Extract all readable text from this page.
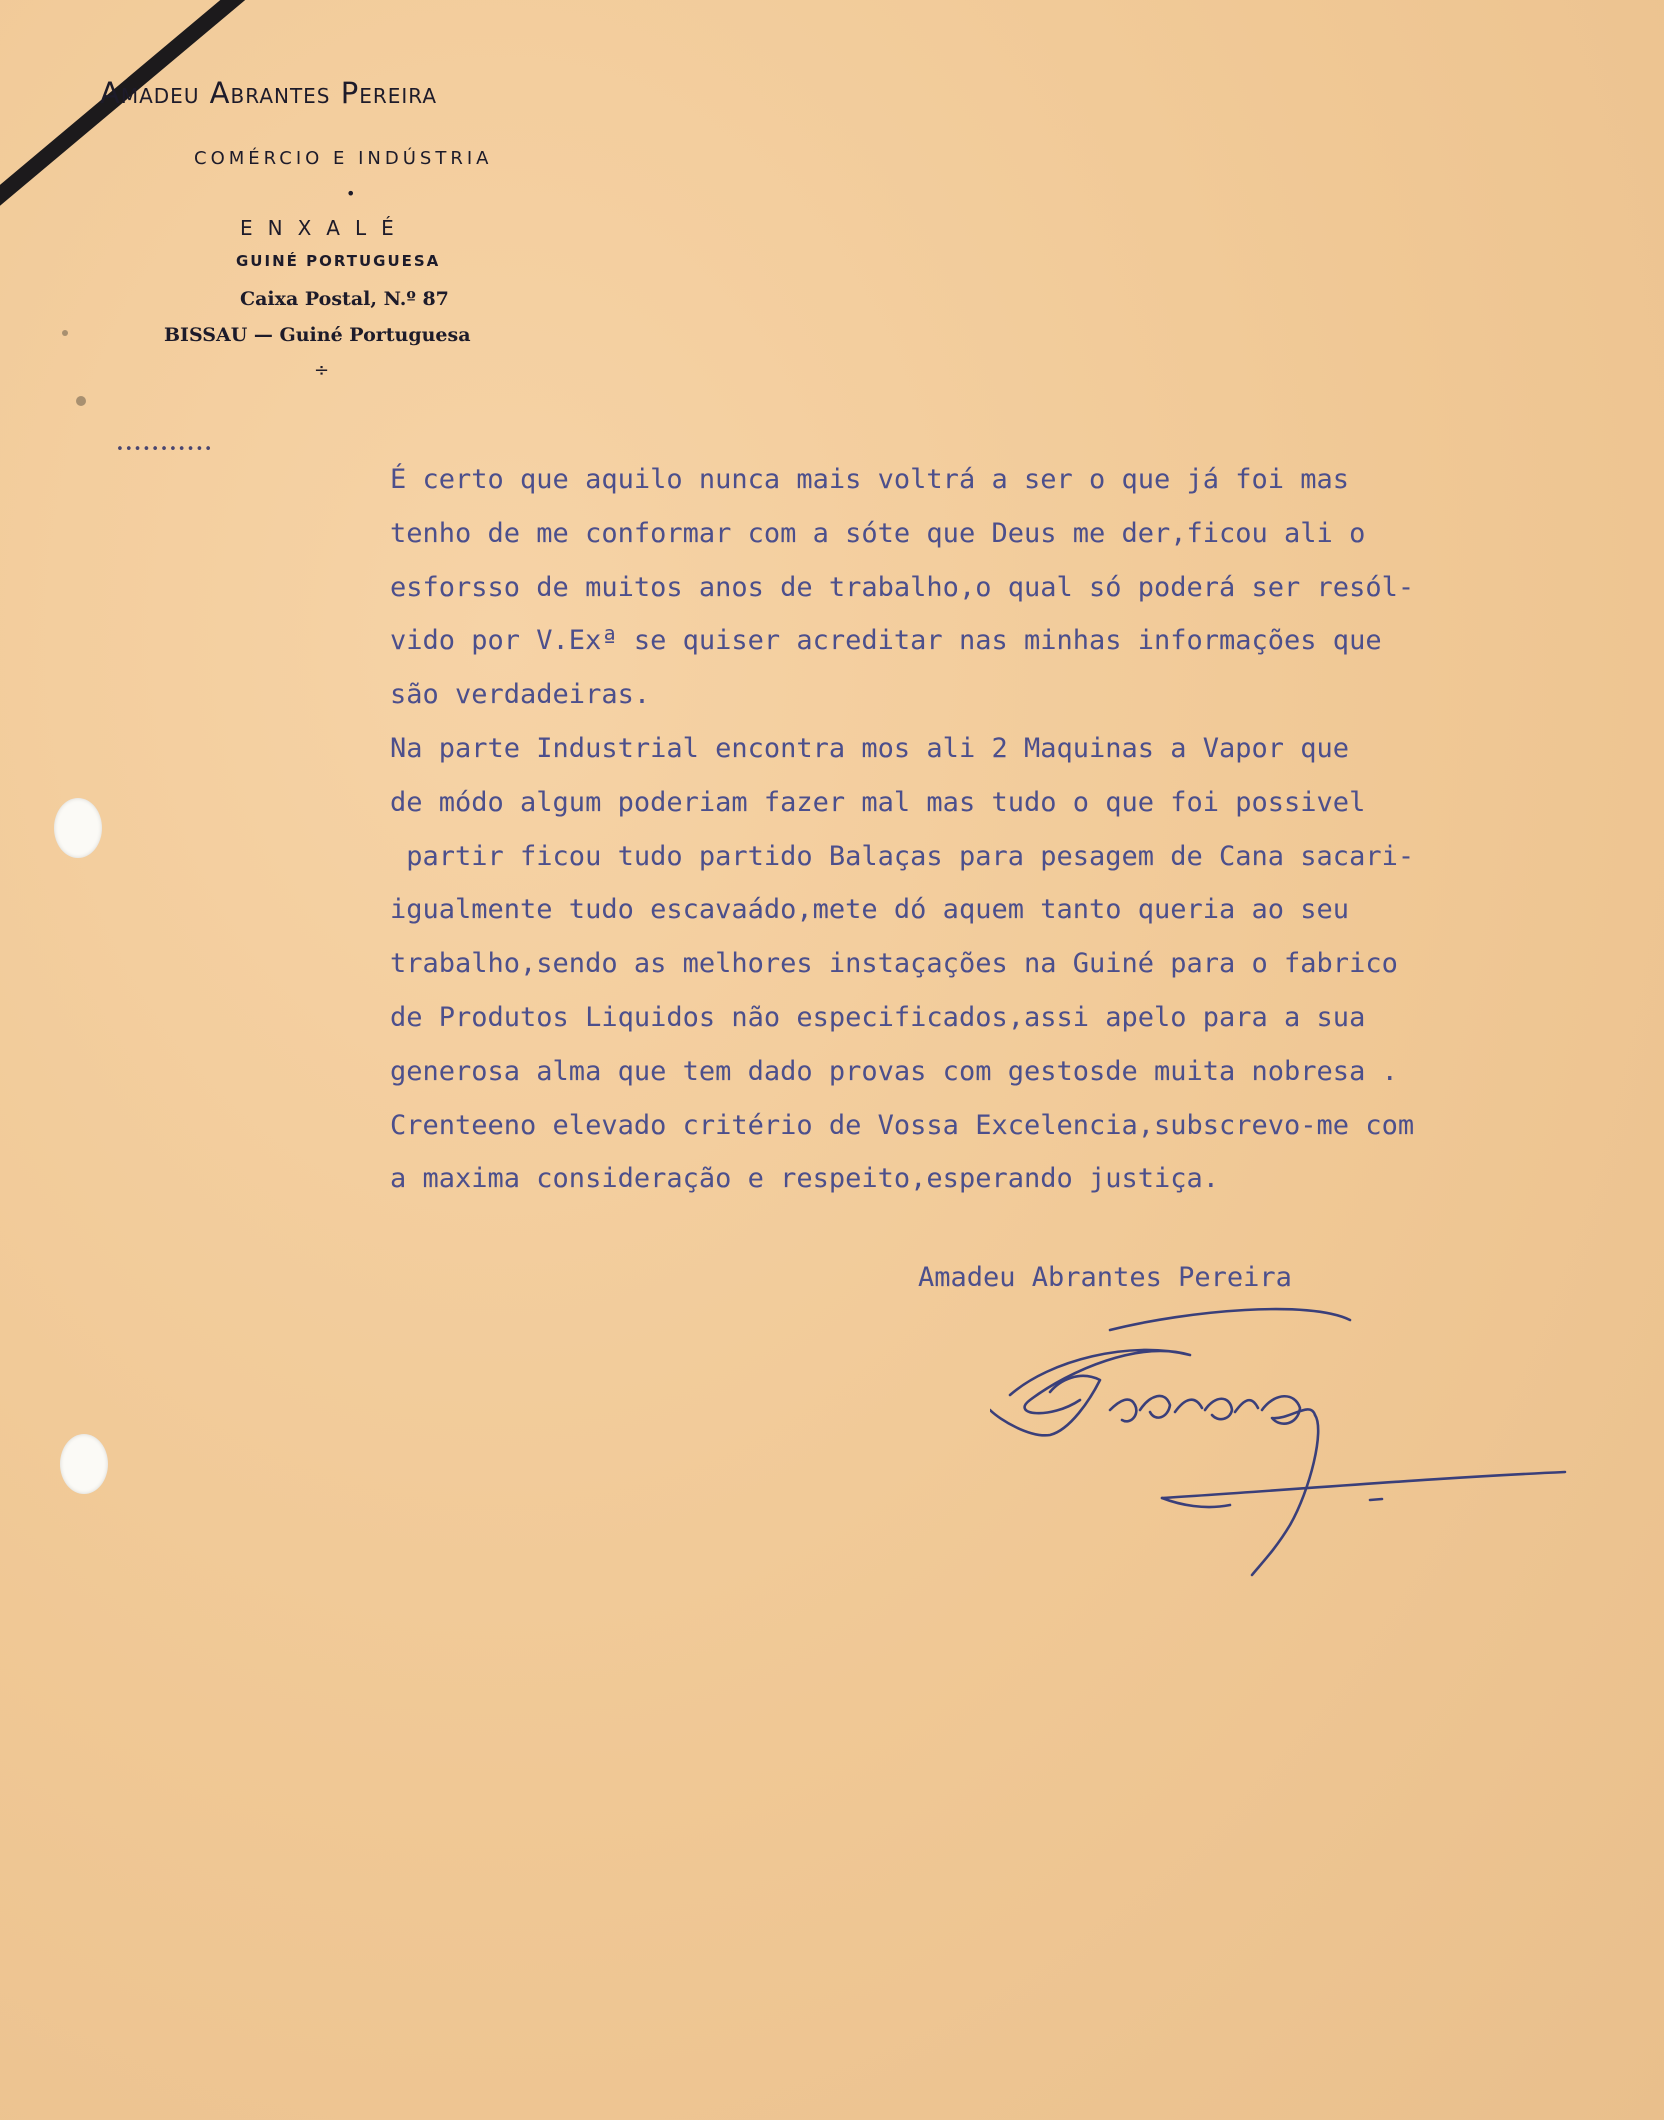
Amadeu Abrantes Pereira
COMÉRCIO E INDÚSTRIA
•
ENXALÉ
GUINÉ PORTUGUESA
Caixa Postal, N.º 87
BISSAU — Guiné Portuguesa
÷
•••••••••••
É certo que aquilo nunca mais voltrá a ser o que já foi mas
tenho de me conformar com a sóte que Deus me der,ficou ali o
esforsso de muitos anos de trabalho,o qual só poderá ser resól-
vido por V.Exª se quiser acreditar nas minhas informações que
são verdadeiras.
Na parte Industrial encontra mos ali 2 Maquinas a Vapor que
de módo algum poderiam fazer mal mas tudo o que foi possivel
partir ficou tudo partido Balaças para pesagem de Cana sacari-
igualmente tudo escavaádo,mete dó aquem tanto queria ao seu
trabalho,sendo as melhores instaçações na Guiné para o fabrico
de Produtos Liquidos não especificados,assi apelo para a sua
generosa alma que tem dado provas com gestosde muita nobresa .
Crenteeno elevado critério de Vossa Excelencia,subscrevo-me com
a maxima consideração e respeito,esperando justiça.
Amadeu Abrantes Pereira
